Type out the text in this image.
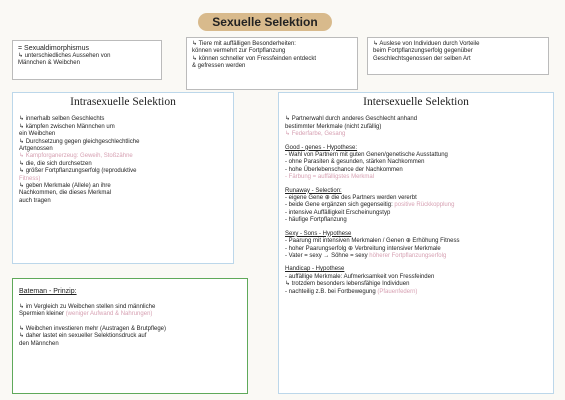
Sexuelle Selektion
= Sexualdimorphismus
↳ unterschiedliches Aussehen von
Männchen & Weibchen
↳ Tiere mit auffälligen Besonderheiten:
können vermehrt zur Fortpflanzung
↳ können schneller von Fressfeinden entdeckt
& gefressen werden
↳ Auslese von Individuen durch Vorteile
beim Fortpflanzungserfolg gegenüber
Geschlechtsgenossen der selben Art
Intrasexuelle Selektion
↳ innerhalb selben Geschlechts
↳ kämpfen zwischen Männchen um
ein Weibchen
↳ Durchsetzung gegen gleichgeschlechtliche
Artgenossen
↳ Kampforganerzeug: Geweih, Stoßzähne
↳ die, die sich durchsetzen
↳ größer Fortpflanzungserfolg (reproduktive
Fitness)
↳ geben Merkmale (Allele) an ihre
Nachkommen, die dieses Merkmal
auch tragen
Bateman - Prinzip:
↳ im Vergleich zu Weibchen stellen sind männliche
Spermien kleiner (weniger Aufwand & Nahrungen)
↳ Weibchen investieren mehr (Austragen & Brutpflege)
↳ daher lastet ein sexueller Selektionsdruck auf
den Männchen
Intersexuelle Selektion
↳ Partnerwahl durch anderes Geschlecht anhand
bestimmter Merkmale (nicht zufällig)
↳ Federfarbe, Gesang
Good - genes - Hypothese:
- Wahl von Partnern mit guten Genen/genetische Ausstattung
- ohne Parasiten & gesunden, stärken Nachkommen
- hohe Überlebenschance der Nachkommen
- Färbung = auffälligstes Merkmal
Runaway - Selection:
- eigene Gene ⊕ die des Partners werden vererbt
- beide Gene ergänzen sich gegenseitig: positive Rückkopplung
- intensive Auffälligkeit Erscheinungstyp
- häufige Fortpflanzung
Sexy - Sons - Hypothese
- Paarung mit intensiven Merkmalen / Genen ⊕ Erhöhung Fitness
- hoher Paarungserfolg ⊕ Verbreitung intensiver Merkmale
- Vater = sexy → Söhne = sexy höherer Fortpflanzungserfolg
Handicap - Hypothese
- auffällige Merkmale: Aufmerksamkeit von Fressfeinden
↳ trotzdem besonders lebensfähige Individuen
- nachteilig z.B. bei Fortbewegung (Pfauenfedern)
